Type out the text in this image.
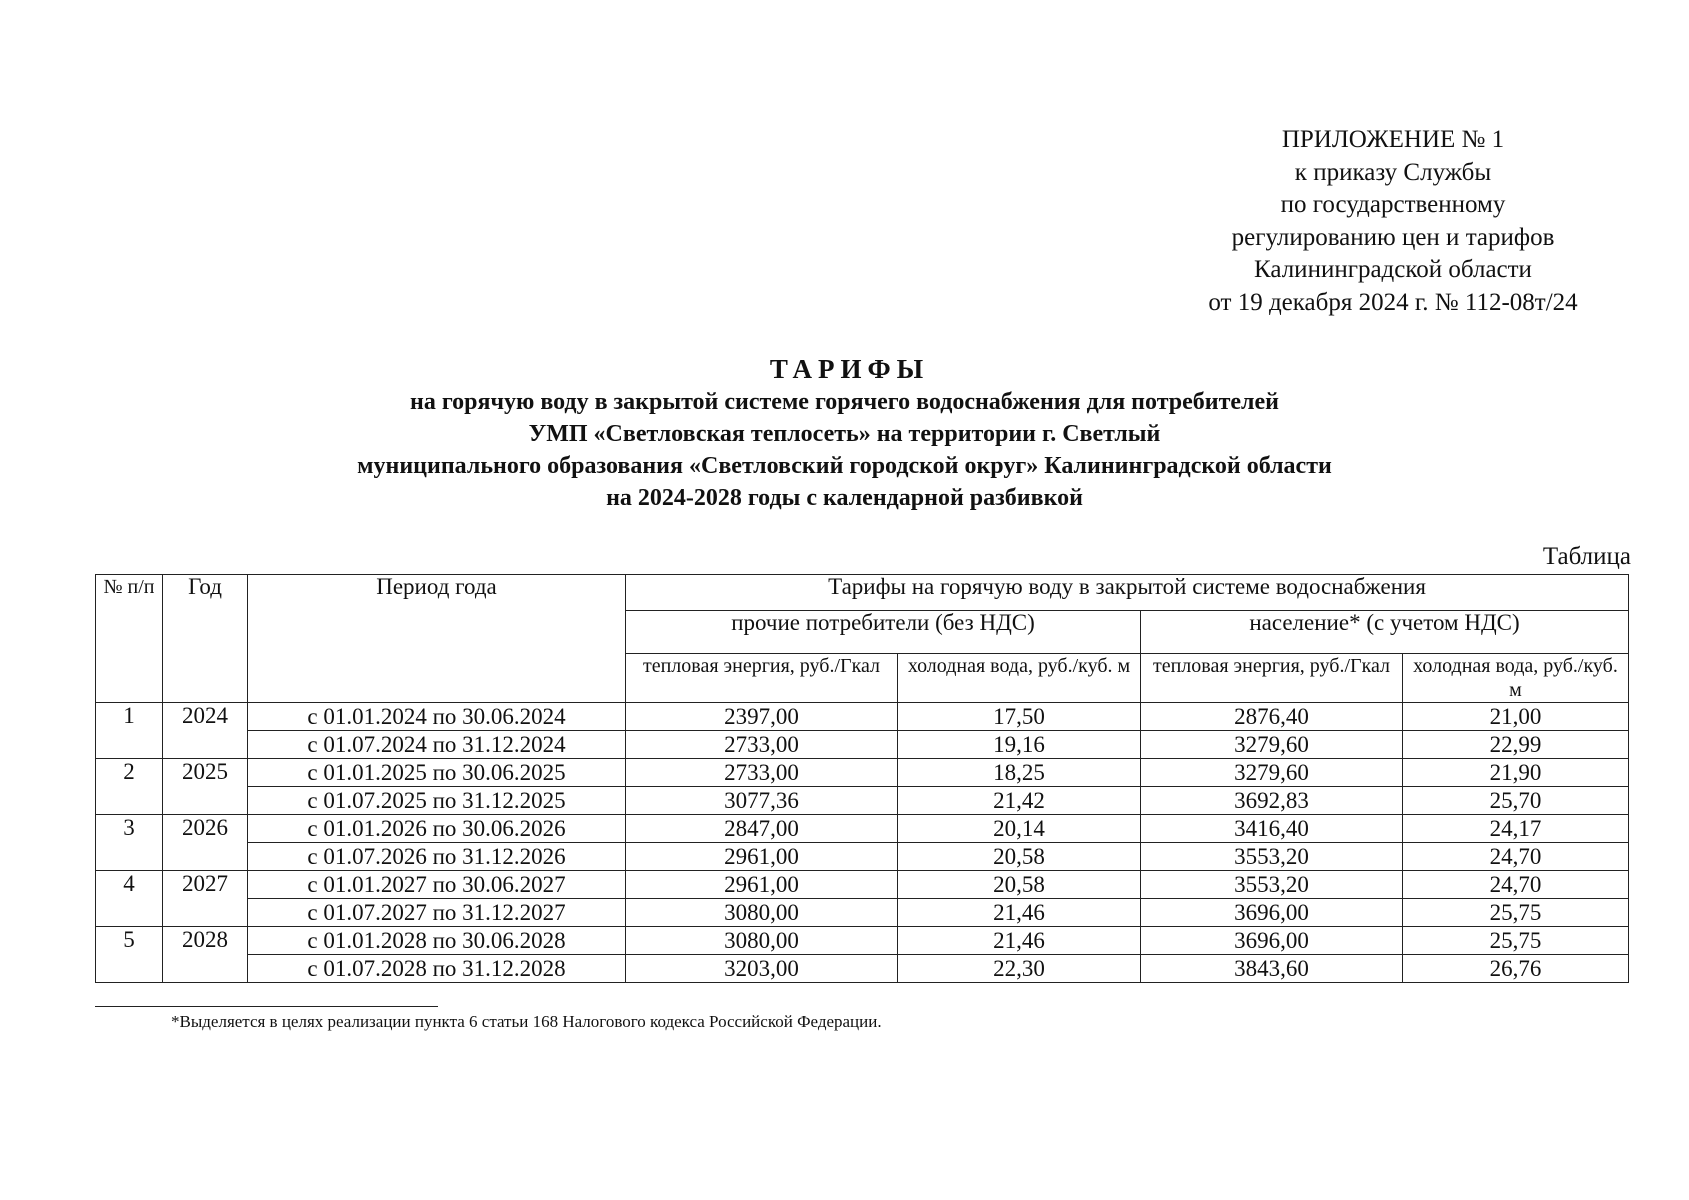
ПРИЛОЖЕНИЕ № 1
к приказу Службы
по государственному
регулированию цен и тарифов
Калининградской области
от 19 декабря 2024 г. № 112-08т/24
ТАРИФЫ
на горячую воду в закрытой системе горячего водоснабжения для потребителей
УМП «Светловская теплосеть» на территории г. Светлый
муниципального образования «Светловский городской округ» Калининградской области
на 2024-2028 годы с календарной разбивкой
Таблица
№ п/п	Год	Период года	Тарифы на горячую воду в закрытой системе водоснабжения			
			прочие потребители (без НДС)		население* (с учетом НДС)	
			тепловая энергия, руб./Гкал	холодная вода, руб./куб. м	тепловая энергия, руб./Гкал	холодная вода, руб./куб. м
1	2024	с 01.01.2024 по 30.06.2024	2397,00	17,50	2876,40	21,00
		с 01.07.2024 по 31.12.2024	2733,00	19,16	3279,60	22,99
2	2025	с 01.01.2025 по 30.06.2025	2733,00	18,25	3279,60	21,90
		с 01.07.2025 по 31.12.2025	3077,36	21,42	3692,83	25,70
3	2026	с 01.01.2026 по 30.06.2026	2847,00	20,14	3416,40	24,17
		с 01.07.2026 по 31.12.2026	2961,00	20,58	3553,20	24,70
4	2027	с 01.01.2027 по 30.06.2027	2961,00	20,58	3553,20	24,70
		с 01.07.2027 по 31.12.2027	3080,00	21,46	3696,00	25,75
5	2028	с 01.01.2028 по 30.06.2028	3080,00	21,46	3696,00	25,75
		с 01.07.2028 по 31.12.2028	3203,00	22,30	3843,60	26,76
*Выделяется в целях реализации пункта 6 статьи 168 Налогового кодекса Российской Федерации.
